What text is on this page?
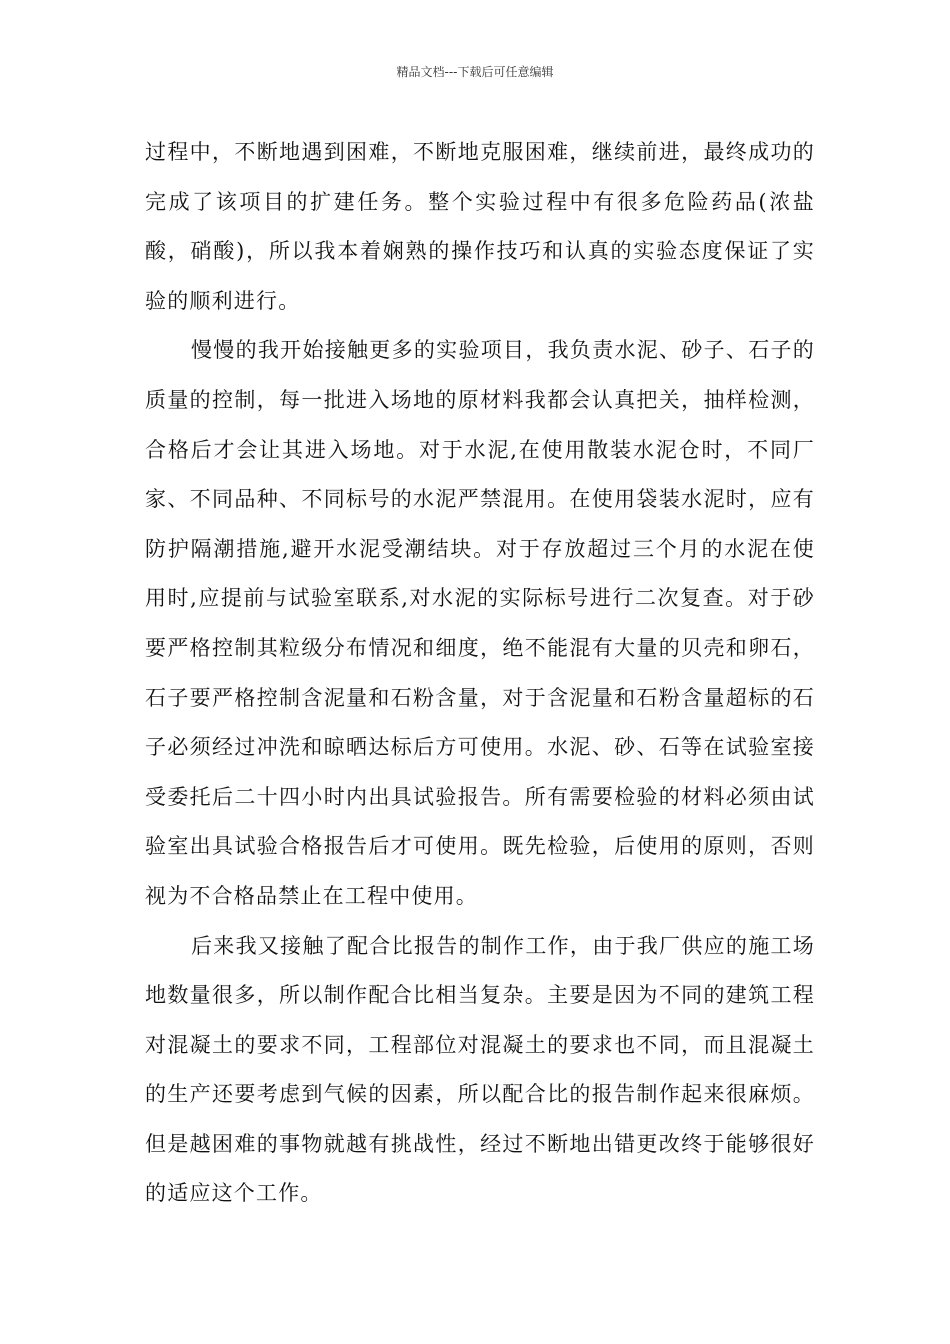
精品文档---下载后可任意编辑

过程中，不断地遇到困难，不断地克服困难，继续前进，最终成功的完成了该项目的扩建任务。整个实验过程中有很多危险药品(浓盐酸，硝酸)，所以我本着娴熟的操作技巧和认真的实验态度保证了实验的顺利进行。

慢慢的我开始接触更多的实验项目，我负责水泥、砂子、石子的质量的控制，每一批进入场地的原材料我都会认真把关，抽样检测，合格后才会让其进入场地。对于水泥,在使用散装水泥仓时，不同厂家、不同品种、不同标号的水泥严禁混用。在使用袋装水泥时，应有防护隔潮措施,避开水泥受潮结块。对于存放超过三个月的水泥在使用时,应提前与试验室联系,对水泥的实际标号进行二次复查。对于砂要严格控制其粒级分布情况和细度，绝不能混有大量的贝壳和卵石，石子要严格控制含泥量和石粉含量，对于含泥量和石粉含量超标的石子必须经过冲洗和晾晒达标后方可使用。水泥、砂、石等在试验室接受委托后二十四小时内出具试验报告。所有需要检验的材料必须由试验室出具试验合格报告后才可使用。既先检验，后使用的原则，否则视为不合格品禁止在工程中使用。

后来我又接触了配合比报告的制作工作，由于我厂供应的施工场地数量很多，所以制作配合比相当复杂。主要是因为不同的建筑工程对混凝土的要求不同，工程部位对混凝土的要求也不同，而且混凝土的生产还要考虑到气候的因素，所以配合比的报告制作起来很麻烦。但是越困难的事物就越有挑战性，经过不断地出错更改终于能够很好的适应这个工作。
